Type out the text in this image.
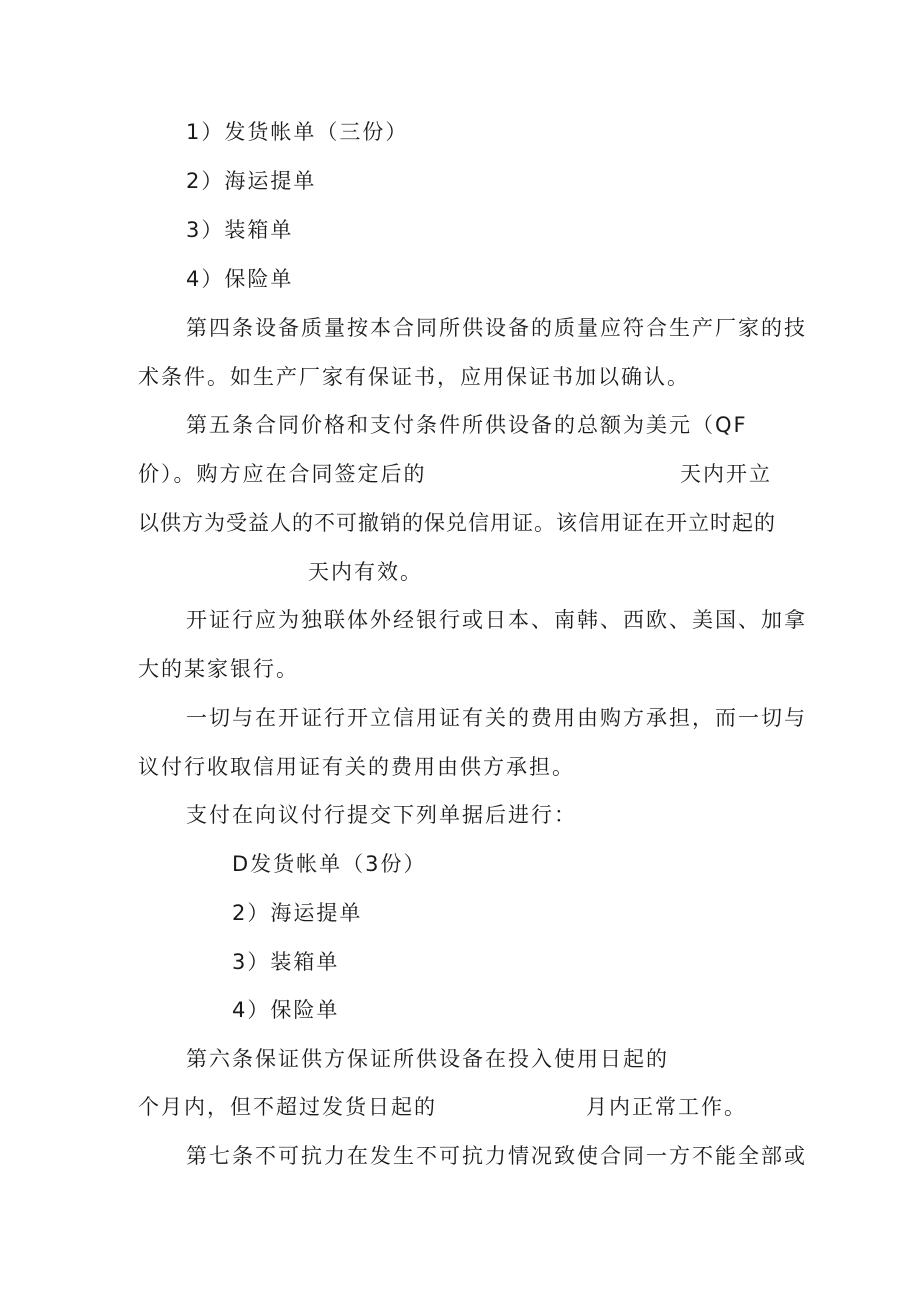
1）发货帐单（三份）
2）海运提单
3）装箱单
4）保险单
第四条设备质量按本合同所供设备的质量应符合生产厂家的技
术条件。如生产厂家有保证书，应用保证书加以确认。
第五条合同价格和支付条件所供设备的总额为美元（QF
价）。购方应在合同签定后的	天内开立
以供方为受益人的不可撤销的保兑信用证。该信用证在开立时起的
天内有效。
开证行应为独联体外经银行或日本、南韩、西欧、美国、加拿
大的某家银行。
一切与在开证行开立信用证有关的费用由购方承担，而一切与
议付行收取信用证有关的费用由供方承担。
支付在向议付行提交下列单据后进行：
D发货帐单（3份）
2）海运提单
3）装箱单
4）保险单
第六条保证供方保证所供设备在投入使用日起的
个月内，但不超过发货日起的	月内正常工作。
第七条不可抗力在发生不可抗力情况致使合同一方不能全部或
